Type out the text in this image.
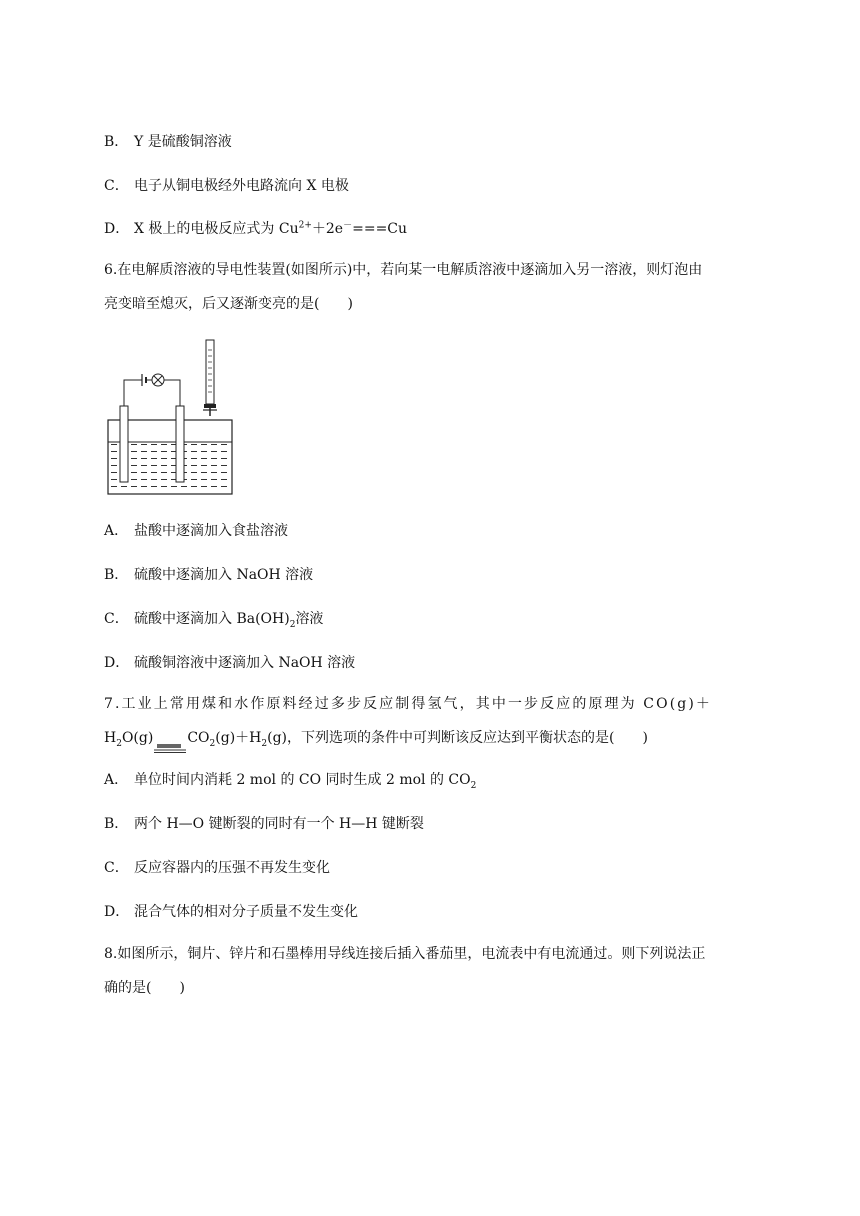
B． Y 是硫酸铜溶液
C． 电子从铜电极经外电路流向 X 电极
D． X 极上的电极反应式为 $Cu^{2+}+2e^-===Cu$
6.在电解质溶液的导电性装置(如图所示)中，若向某一电解质溶液中逐滴加入另一溶液，则灯泡由
亮变暗至熄灭，后又逐渐变亮的是(　　)
A． 盐酸中逐滴加入食盐溶液
B． 硫酸中逐滴加入 NaOH 溶液
C． 硫酸中逐滴加入 $Ba(OH)_2$溶液
D． 硫酸铜溶液中逐滴加入 NaOH 溶液
7.工业上常用煤和水作原料经过多步反应制得氢气，其中一步反应的原理为 CO(g)＋
$H_2O(g)$ $CO_2(g)+H_2(g)$，下列选项的条件中可判断该反应达到平衡状态的是(　　)
A． 单位时间内消耗 2 mol 的 CO 同时生成 2 mol 的 $CO_2$
B． 两个 H—O 键断裂的同时有一个 H—H 键断裂
C． 反应容器内的压强不再发生变化
D． 混合气体的相对分子质量不发生变化
8.如图所示，铜片、锌片和石墨棒用导线连接后插入番茄里，电流表中有电流通过。则下列说法正
确的是(　　)
